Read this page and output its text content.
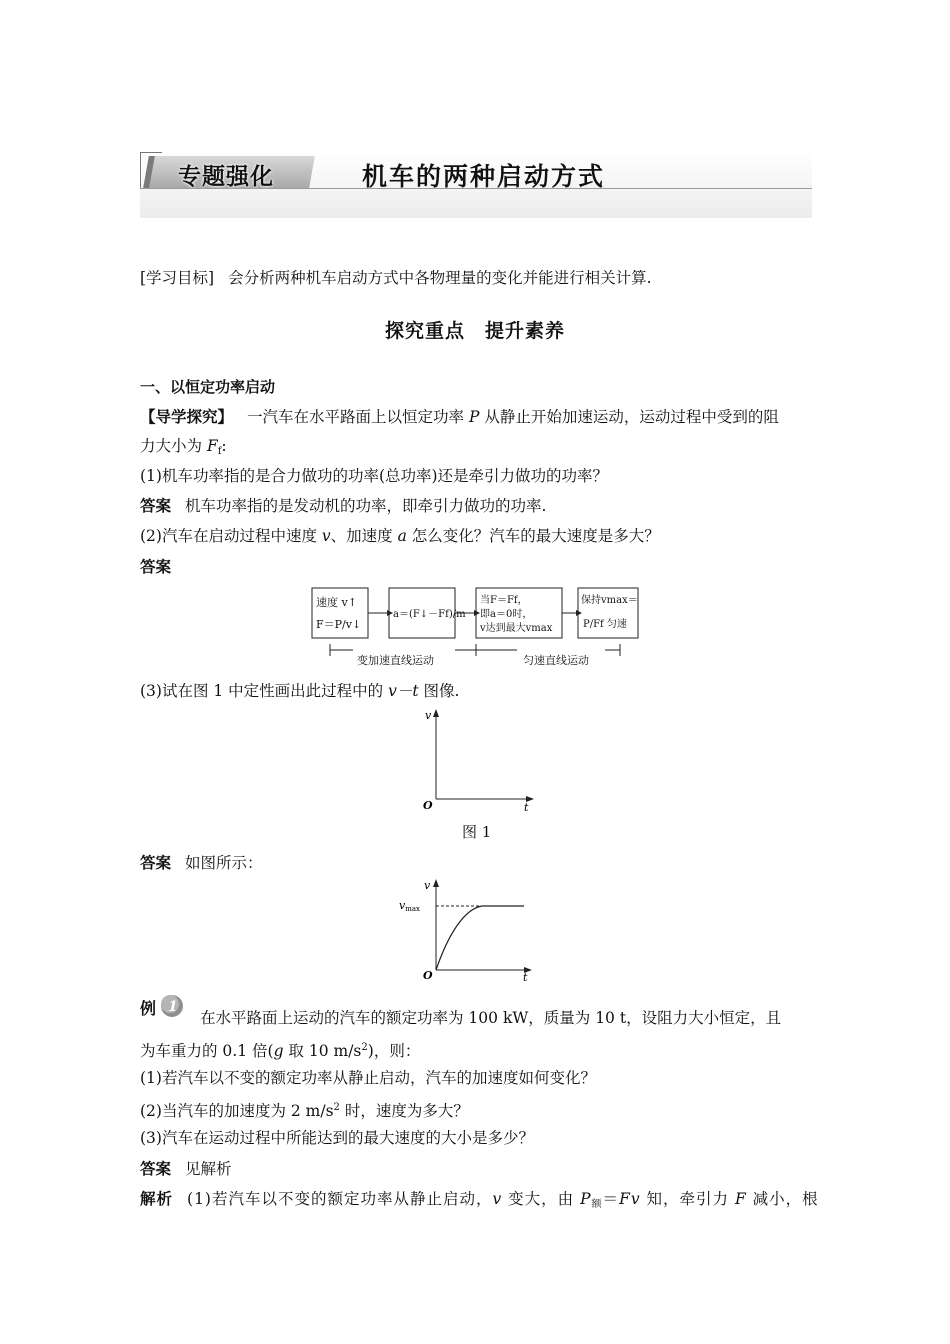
专题强化	机车的两种启动方式
[学习目标] 会分析两种机车启动方式中各物理量的变化并能进行相关计算.
探究重点　提升素养
一、以恒定功率启动
【导学探究】 一汽车在水平路面上以恒定功率 P 从静止开始加速运动，运动过程中受到的阻
力大小为 $F_f$:
(1)机车功率指的是合力做功的功率(总功率)还是牵引力做功的功率？
答案 机车功率指的是发动机的功率，即牵引力做功的功率.
(2)汽车在启动过程中速度 v、加速度 a 怎么变化？汽车的最大速度是多大？
答案
速度 v↑
F＝P/v↓
a＝(F↓－Ff)/m
当F＝Ff，
即a＝0时，
v达到最大vmax
保持vmax＝
P/Ff 匀速
变加速直线运动	匀速直线运动
(3)试在图 1 中定性画出此过程中的 v－t 图像.
v
t
O
图 1
答案 如图所示：
v
vmax
t
O
例 1
在水平路面上运动的汽车的额定功率为 100 kW，质量为 10 t，设阻力大小恒定，且
为车重力的 0.1 倍(g 取 10 $m/s^2$)，则：
(1)若汽车以不变的额定功率从静止启动，汽车的加速度如何变化？
(2)当汽车的加速度为 2 $m/s^2$ 时，速度为多大？
(3)汽车在运动过程中所能达到的最大速度的大小是多少？
答案 见解析
解析 (1)若汽车以不变的额定功率从静止启动，v 变大，由 $P_额=Fv$ 知，牵引力 F 减小，根
